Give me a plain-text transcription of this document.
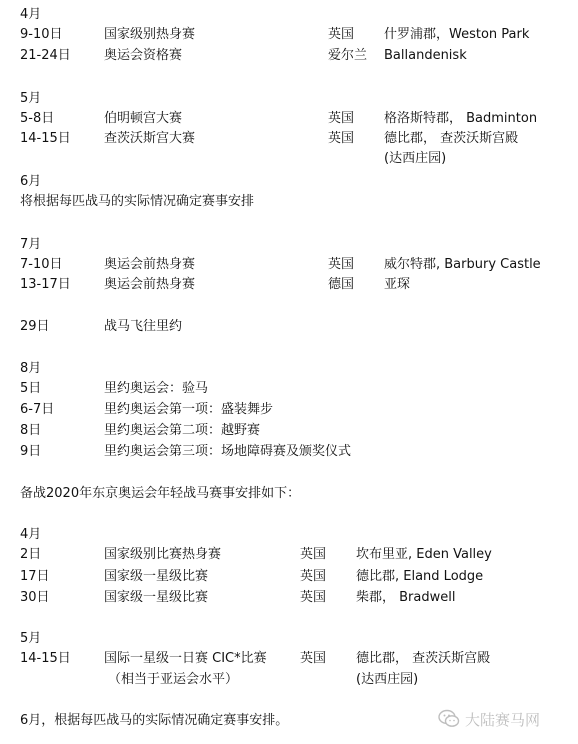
4月
9-10日	国家级别热身赛	英国 什罗浦郡，Weston Park
21-24日	奥运会资格赛	爱尔兰 Ballandenisk
5月
5-8日	伯明顿宫大赛	英国 格洛斯特郡， Badminton
14-15日	查茨沃斯宫大赛	英国 德比郡， 查茨沃斯宫殿
(达西庄园)
6月
将根据每匹战马的实际情况确定赛事安排
7月
7-10日	奥运会前热身赛	英国 威尔特郡, Barbury Castle
13-17日	奥运会前热身赛	德国 亚琛
29日	战马飞往里约
8月
5日	里约奥运会：验马
6-7日	里约奥运会第一项：盛装舞步
8日	里约奥运会第二项：越野赛
9日	里约奥运会第三项：场地障碍赛及颁奖仪式
备战2020年东京奥运会年轻战马赛事安排如下：
4月
2日	国家级别比赛热身赛	英国 坎布里亚, Eden Valley
17日	国家级一星级比赛	英国 德比郡, Eland Lodge
30日	国家级一星级比赛	英国 柴郡， Bradwell
5月
14-15日	国际一星级一日赛 CIC*比赛	英国 德比郡， 查茨沃斯宫殿
（相当于亚运会水平）	(达西庄园)
6月，根据每匹战马的实际情况确定赛事安排。	大陆赛马网
